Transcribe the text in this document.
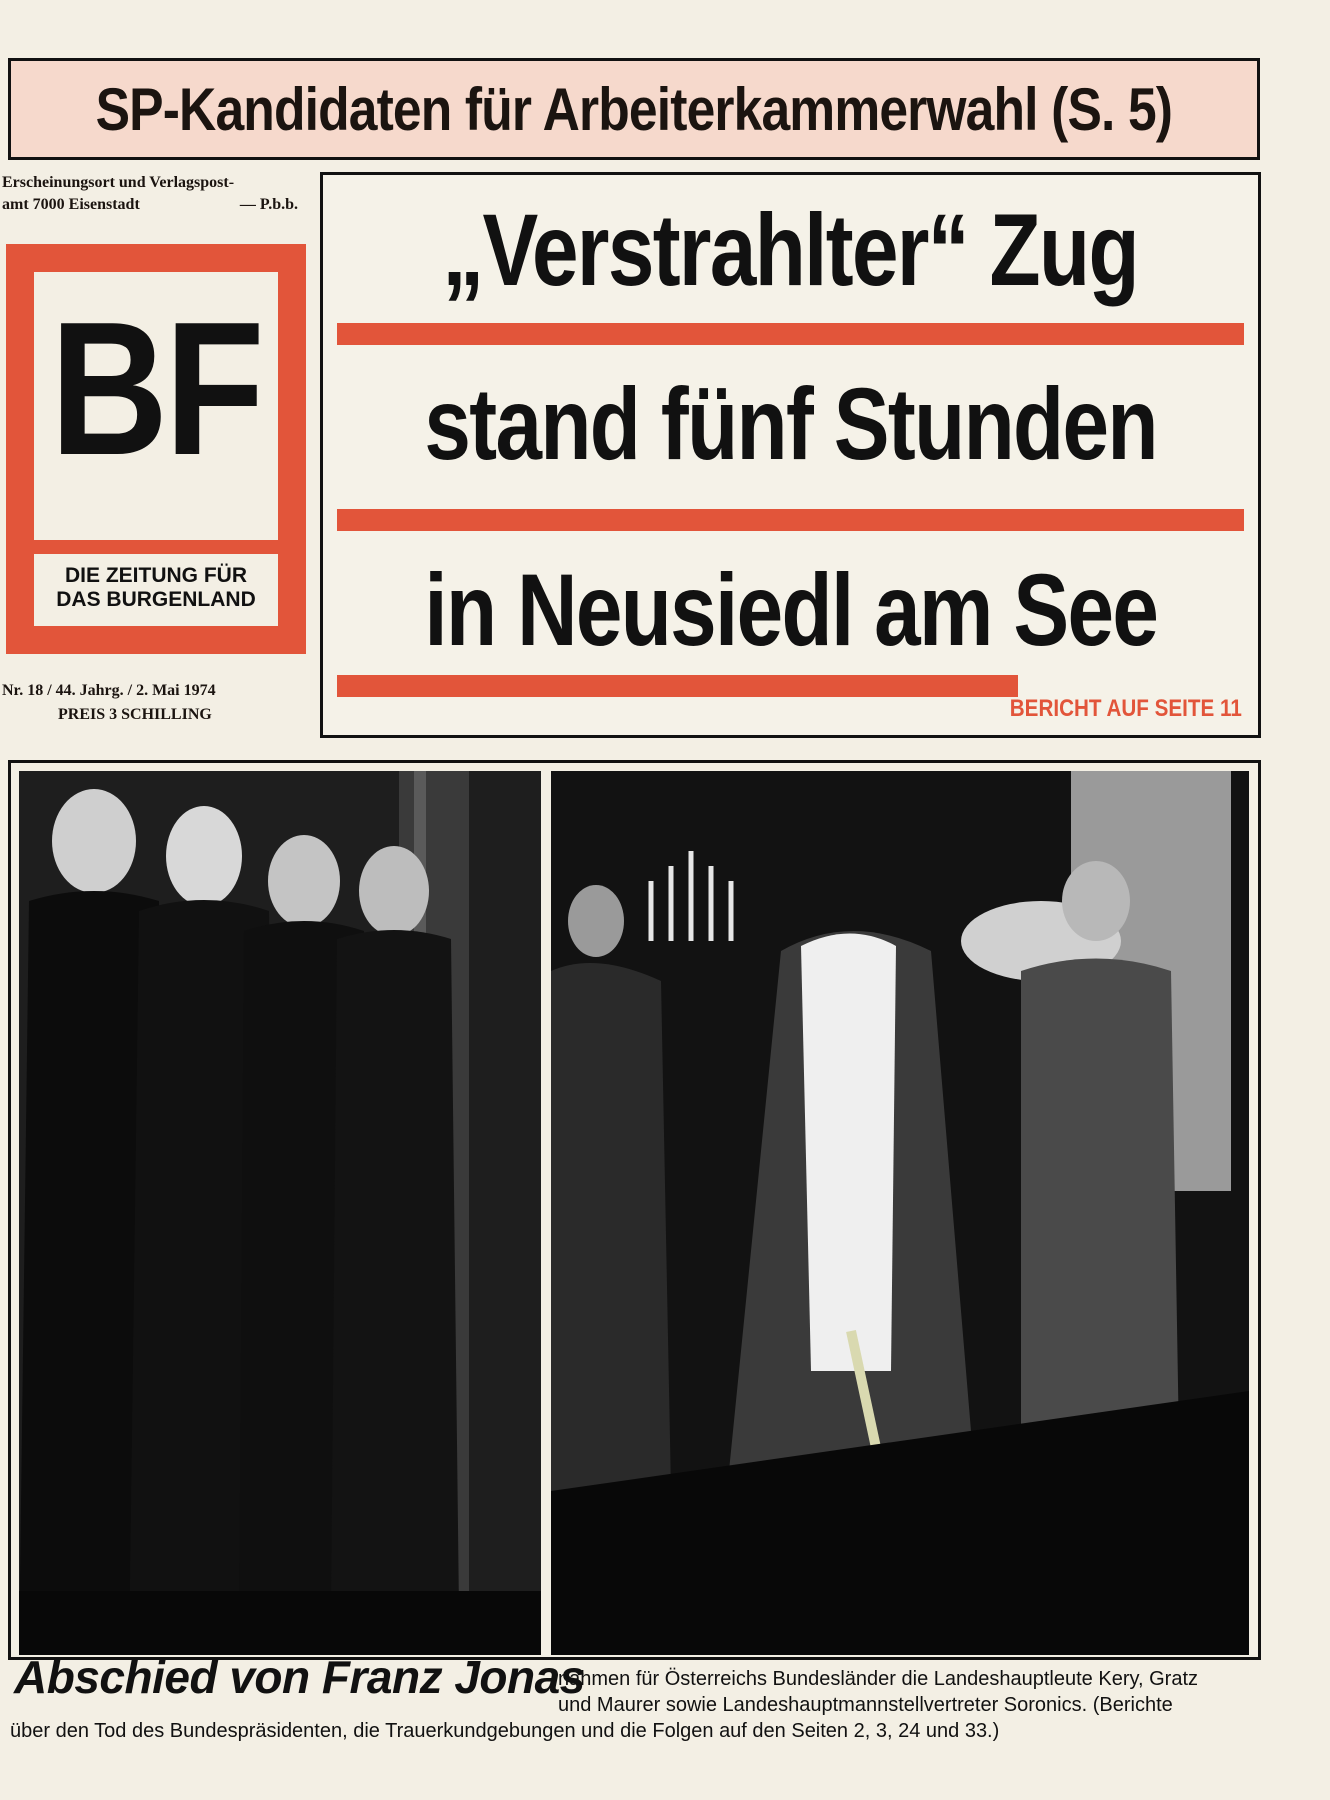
SP-Kandidaten für Arbeiterkammerwahl (S. 5)
Erscheinungsort und Verlagspost-
amt 7000 Eisenstadt	— P.b.b.
BF
DIE ZEITUNG FÜR
DAS BURGENLAND
Nr. 18 / 44. Jahrg. / 2. Mai 1974
PREIS 3 SCHILLING
„Verstrahlter“ Zug
stand fünf Stunden
in Neusiedl am See
BERICHT AUF SEITE 11
Abschied von Franz Jonas
nahmen für Österreichs Bundesländer die Landeshauptleute Kery, Gratz
und Maurer sowie Landeshauptmannstellvertreter Soronics. (Berichte
über den Tod des Bundespräsidenten, die Trauerkundgebungen und die Folgen auf den Seiten 2, 3, 24 und 33.)
